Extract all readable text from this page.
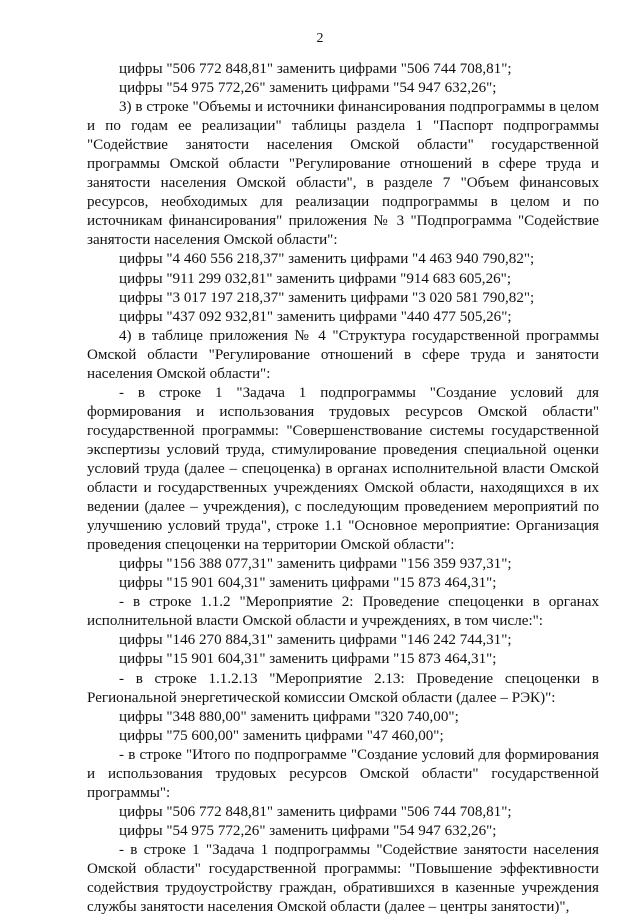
2

цифры "506 772 848,81" заменить цифрами "506 744 708,81";

цифры "54 975 772,26" заменить цифрами "54 947 632,26";

3) в строке "Объемы и источники финансирования подпрограммы в целом и по годам ее реализации" таблицы раздела 1 "Паспорт подпрограммы "Содействие занятости населения Омской области" государственной программы Омской области "Регулирование отношений в сфере труда и занятости населения Омской области", в разделе 7 "Объем финансовых ресурсов, необходимых для реализации подпрограммы в целом и по источникам финансирования" приложения № 3 "Подпрограмма "Содействие занятости населения Омской области":

цифры "4 460 556 218,37" заменить цифрами "4 463 940 790,82";

цифры "911 299 032,81" заменить цифрами "914 683 605,26";

цифры "3 017 197 218,37" заменить цифрами "3 020 581 790,82";

цифры "437 092 932,81" заменить цифрами "440 477 505,26";

4) в таблице приложения № 4 "Структура государственной программы Омской области "Регулирование отношений в сфере труда и занятости населения Омской области":

- в строке 1 "Задача 1 подпрограммы "Создание условий для формирования и использования трудовых ресурсов Омской области" государственной программы: "Совершенствование системы государственной экспертизы условий труда, стимулирование проведения специальной оценки условий труда (далее – спецоценка) в органах исполнительной власти Омской области и государственных учреждениях Омской области, находящихся в их ведении (далее – учреждения), с последующим проведением мероприятий по улучшению условий труда", строке 1.1 "Основное мероприятие: Организация проведения спецоценки на территории Омской области":

цифры "156 388 077,31" заменить цифрами "156 359 937,31";

цифры "15 901 604,31" заменить цифрами "15 873 464,31";

- в строке 1.1.2 "Мероприятие 2: Проведение спецоценки в органах исполнительной власти Омской области и учреждениях, в том числе:":

цифры "146 270 884,31" заменить цифрами "146 242 744,31";

цифры "15 901 604,31" заменить цифрами "15 873 464,31";

- в строке 1.1.2.13 "Мероприятие 2.13: Проведение спецоценки в Региональной энергетической комиссии Омской области (далее – РЭК)":

цифры "348 880,00" заменить цифрами "320 740,00";

цифры "75 600,00" заменить цифрами "47 460,00";

- в строке "Итого по подпрограмме "Создание условий для формирования и использования трудовых ресурсов Омской области" государственной программы":

цифры "506 772 848,81" заменить цифрами "506 744 708,81";

цифры "54 975 772,26" заменить цифрами "54 947 632,26";

- в строке 1 "Задача 1 подпрограммы "Содействие занятости населения Омской области" государственной программы: "Повышение эффективности содействия трудоустройству граждан, обратившихся в казенные учреждения службы занятости населения Омской области (далее – центры занятости)",
